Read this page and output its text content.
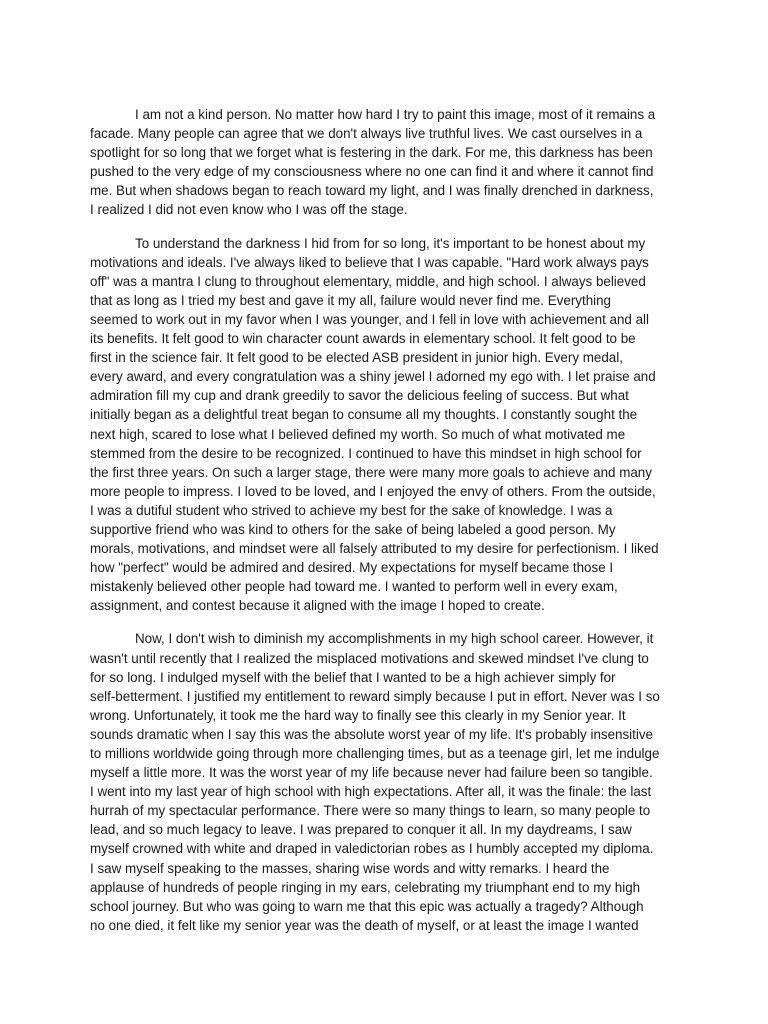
I am not a kind person. No matter how hard I try to paint this image, most of it remains a
facade. Many people can agree that we don't always live truthful lives. We cast ourselves in a
spotlight for so long that we forget what is festering in the dark. For me, this darkness has been
pushed to the very edge of my consciousness where no one can find it and where it cannot find
me. But when shadows began to reach toward my light, and I was finally drenched in darkness,
I realized I did not even know who I was off the stage.

To understand the darkness I hid from for so long, it's important to be honest about my
motivations and ideals. I've always liked to believe that I was capable. "Hard work always pays
off" was a mantra I clung to throughout elementary, middle, and high school. I always believed
that as long as I tried my best and gave it my all, failure would never find me. Everything
seemed to work out in my favor when I was younger, and I fell in love with achievement and all
its benefits. It felt good to win character count awards in elementary school. It felt good to be
first in the science fair. It felt good to be elected ASB president in junior high. Every medal,
every award, and every congratulation was a shiny jewel I adorned my ego with. I let praise and
admiration fill my cup and drank greedily to savor the delicious feeling of success. But what
initially began as a delightful treat began to consume all my thoughts. I constantly sought the
next high, scared to lose what I believed defined my worth. So much of what motivated me
stemmed from the desire to be recognized. I continued to have this mindset in high school for
the first three years. On such a larger stage, there were many more goals to achieve and many
more people to impress. I loved to be loved, and I enjoyed the envy of others. From the outside,
I was a dutiful student who strived to achieve my best for the sake of knowledge. I was a
supportive friend who was kind to others for the sake of being labeled a good person. My
morals, motivations, and mindset were all falsely attributed to my desire for perfectionism. I liked
how "perfect" would be admired and desired. My expectations for myself became those I
mistakenly believed other people had toward me. I wanted to perform well in every exam,
assignment, and contest because it aligned with the image I hoped to create.

Now, I don't wish to diminish my accomplishments in my high school career. However, it
wasn't until recently that I realized the misplaced motivations and skewed mindset I've clung to
for so long. I indulged myself with the belief that I wanted to be a high achiever simply for
self-betterment. I justified my entitlement to reward simply because I put in effort. Never was I so
wrong. Unfortunately, it took me the hard way to finally see this clearly in my Senior year. It
sounds dramatic when I say this was the absolute worst year of my life. It's probably insensitive
to millions worldwide going through more challenging times, but as a teenage girl, let me indulge
myself a little more. It was the worst year of my life because never had failure been so tangible.
I went into my last year of high school with high expectations. After all, it was the finale: the last
hurrah of my spectacular performance. There were so many things to learn, so many people to
lead, and so much legacy to leave. I was prepared to conquer it all. In my daydreams, I saw
myself crowned with white and draped in valedictorian robes as I humbly accepted my diploma.
I saw myself speaking to the masses, sharing wise words and witty remarks. I heard the
applause of hundreds of people ringing in my ears, celebrating my triumphant end to my high
school journey. But who was going to warn me that this epic was actually a tragedy? Although
no one died, it felt like my senior year was the death of myself, or at least the image I wanted
